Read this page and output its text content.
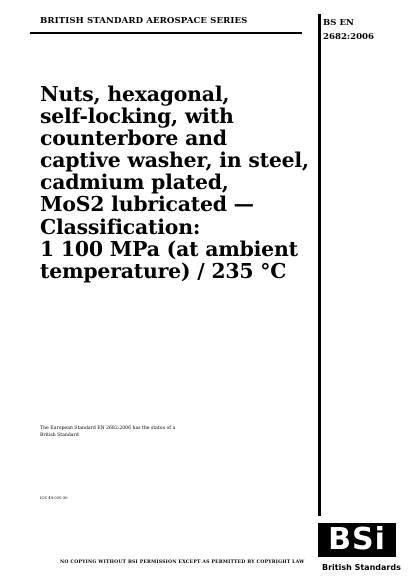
BRITISH STANDARD AEROSPACE SERIES	BS EN
2682:2006
Nuts, hexagonal,
self-locking, with
counterbore and
captive washer, in steel,
cadmium plated,
MoS2 lubricated —
Classification:
1 100 MPa (at ambient
temperature) / 235 °C
The European Standard EN 2682:2006 has the status of a
British Standard
ICS 49.030.30
NO COPYING WITHOUT BSI PERMISSION EXCEPT AS PERMITTED BY COPYRIGHT LAW
BSi
British Standards
